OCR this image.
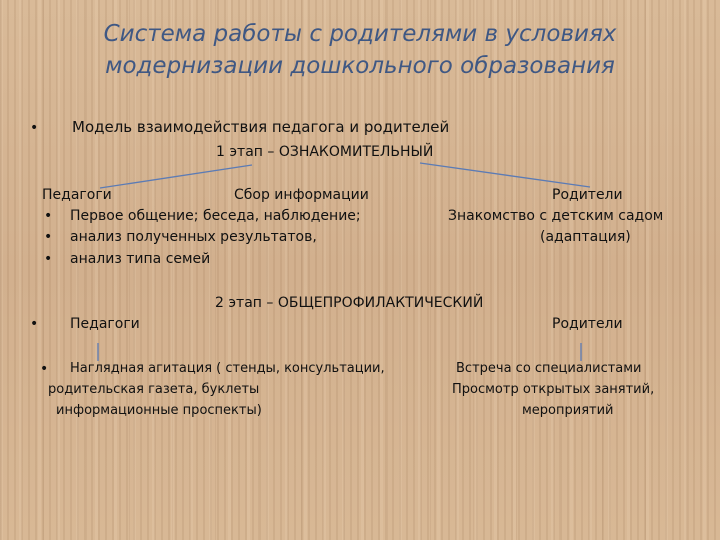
Система работы с родителями в условиях
модернизации дошкольного образования
• Модель взаимодействия педагога и родителей
1 этап – ОЗНАКОМИТЕЛЬНЫЙ
Педагоги	Сбор информации
• Первое общение; беседа, наблюдение;
• анализ полученных результатов,
• анализ типа семей
Родители
Знакомство с детским садом
(адаптация)
2 этап – ОБЩЕПРОФИЛАКТИЧЕСКИЙ
• Педагоги	Родители
• Наглядная агитация ( стенды, консультации,
родительская газета, буклеты
информационные проспекты)
Встреча со специалистами
Просмотр открытых занятий,
мероприятий
